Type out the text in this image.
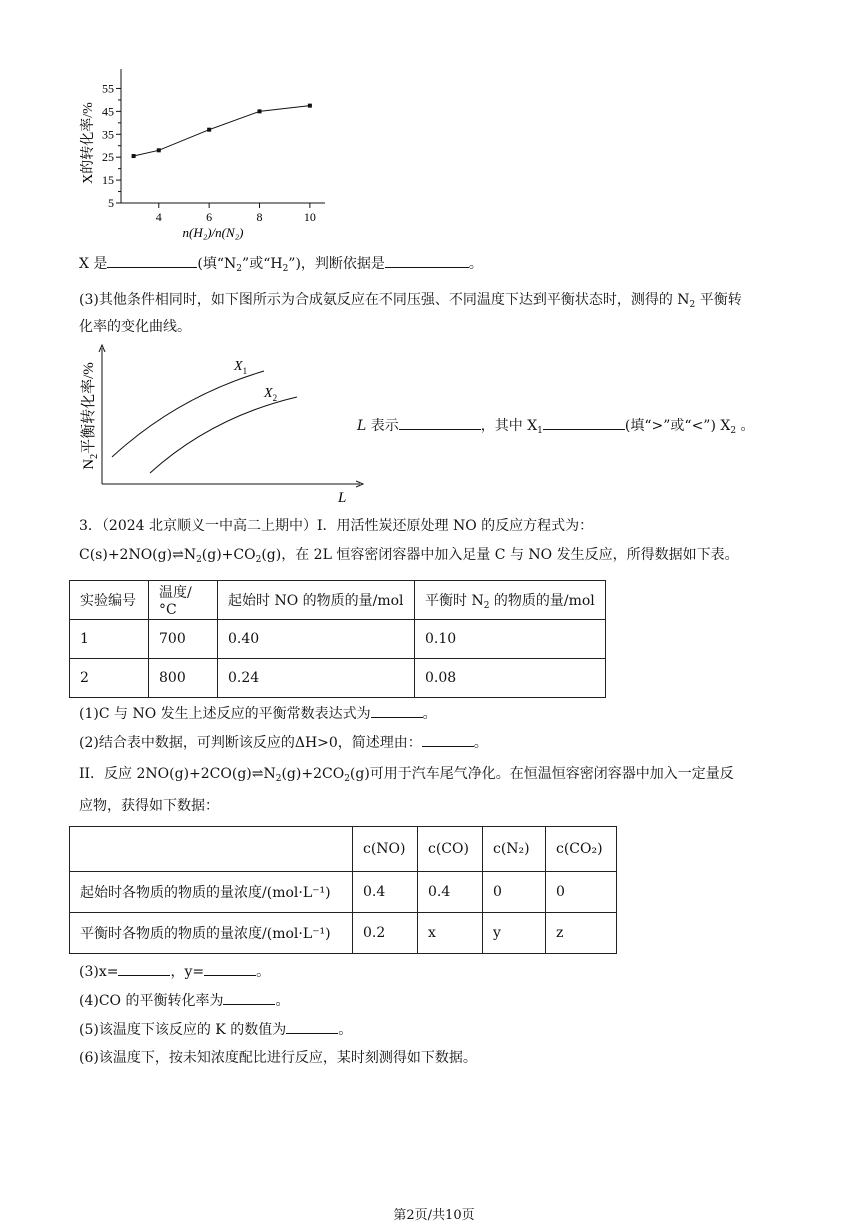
5
15
25
35
45
55
4	6	8	10
X的转化率/%
n(H₂)/n(N₂)
X 是	(填“$N_2$”或“$H_2$”)，判断依据是	。
(3)其他条件相同时，如下图所示为合成氨反应在不同压强、不同温度下达到平衡状态时，测得的 $N_2$ 平衡转
化率的变化曲线。
$X_1$
$X_2$
L
$N_2$平衡转化率/%	L 表示	，其中 $X_1$	(填“>”或“<”) $X_2$ 。
3．（2024 北京顺义一中高二上期中）I．用活性炭还原处理 NO 的反应方程式为：
$C(s)+2NO(g)\rightleftharpoons N_2(g)+CO_2(g)$，在 2L 恒容密闭容器中加入足量 C 与 NO 发生反应，所得数据如下表。
实验编号	温度/°C	起始时 NO 的物质的量/mol	平衡时 $N_2$ 的物质的量/mol
1	700	0.40	0.10
2	800	0.24	0.08
(1)C 与 NO 发生上述反应的平衡常数表达式为	。
(2)结合表中数据，可判断该反应的ΔH>0，简述理由：	。
II．反应 $2NO(g)+2CO(g)\rightleftharpoons N_2(g)+2CO_2(g)$可用于汽车尾气净化。在恒温恒容密闭容器中加入一定量反
应物，获得如下数据：
	c(NO)	c(CO)	c(N₂)	c(CO₂)
起始时各物质的物质的量浓度/(mol·L⁻¹)	0.4	0.4	0	0
平衡时各物质的物质的量浓度/(mol·L⁻¹)	0.2	x	y	z
(3)x=	，y=	。
(4)CO 的平衡转化率为	。
(5)该温度下该反应的 K 的数值为	。
(6)该温度下，按未知浓度配比进行反应，某时刻测得如下数据。
第2页/共10页
